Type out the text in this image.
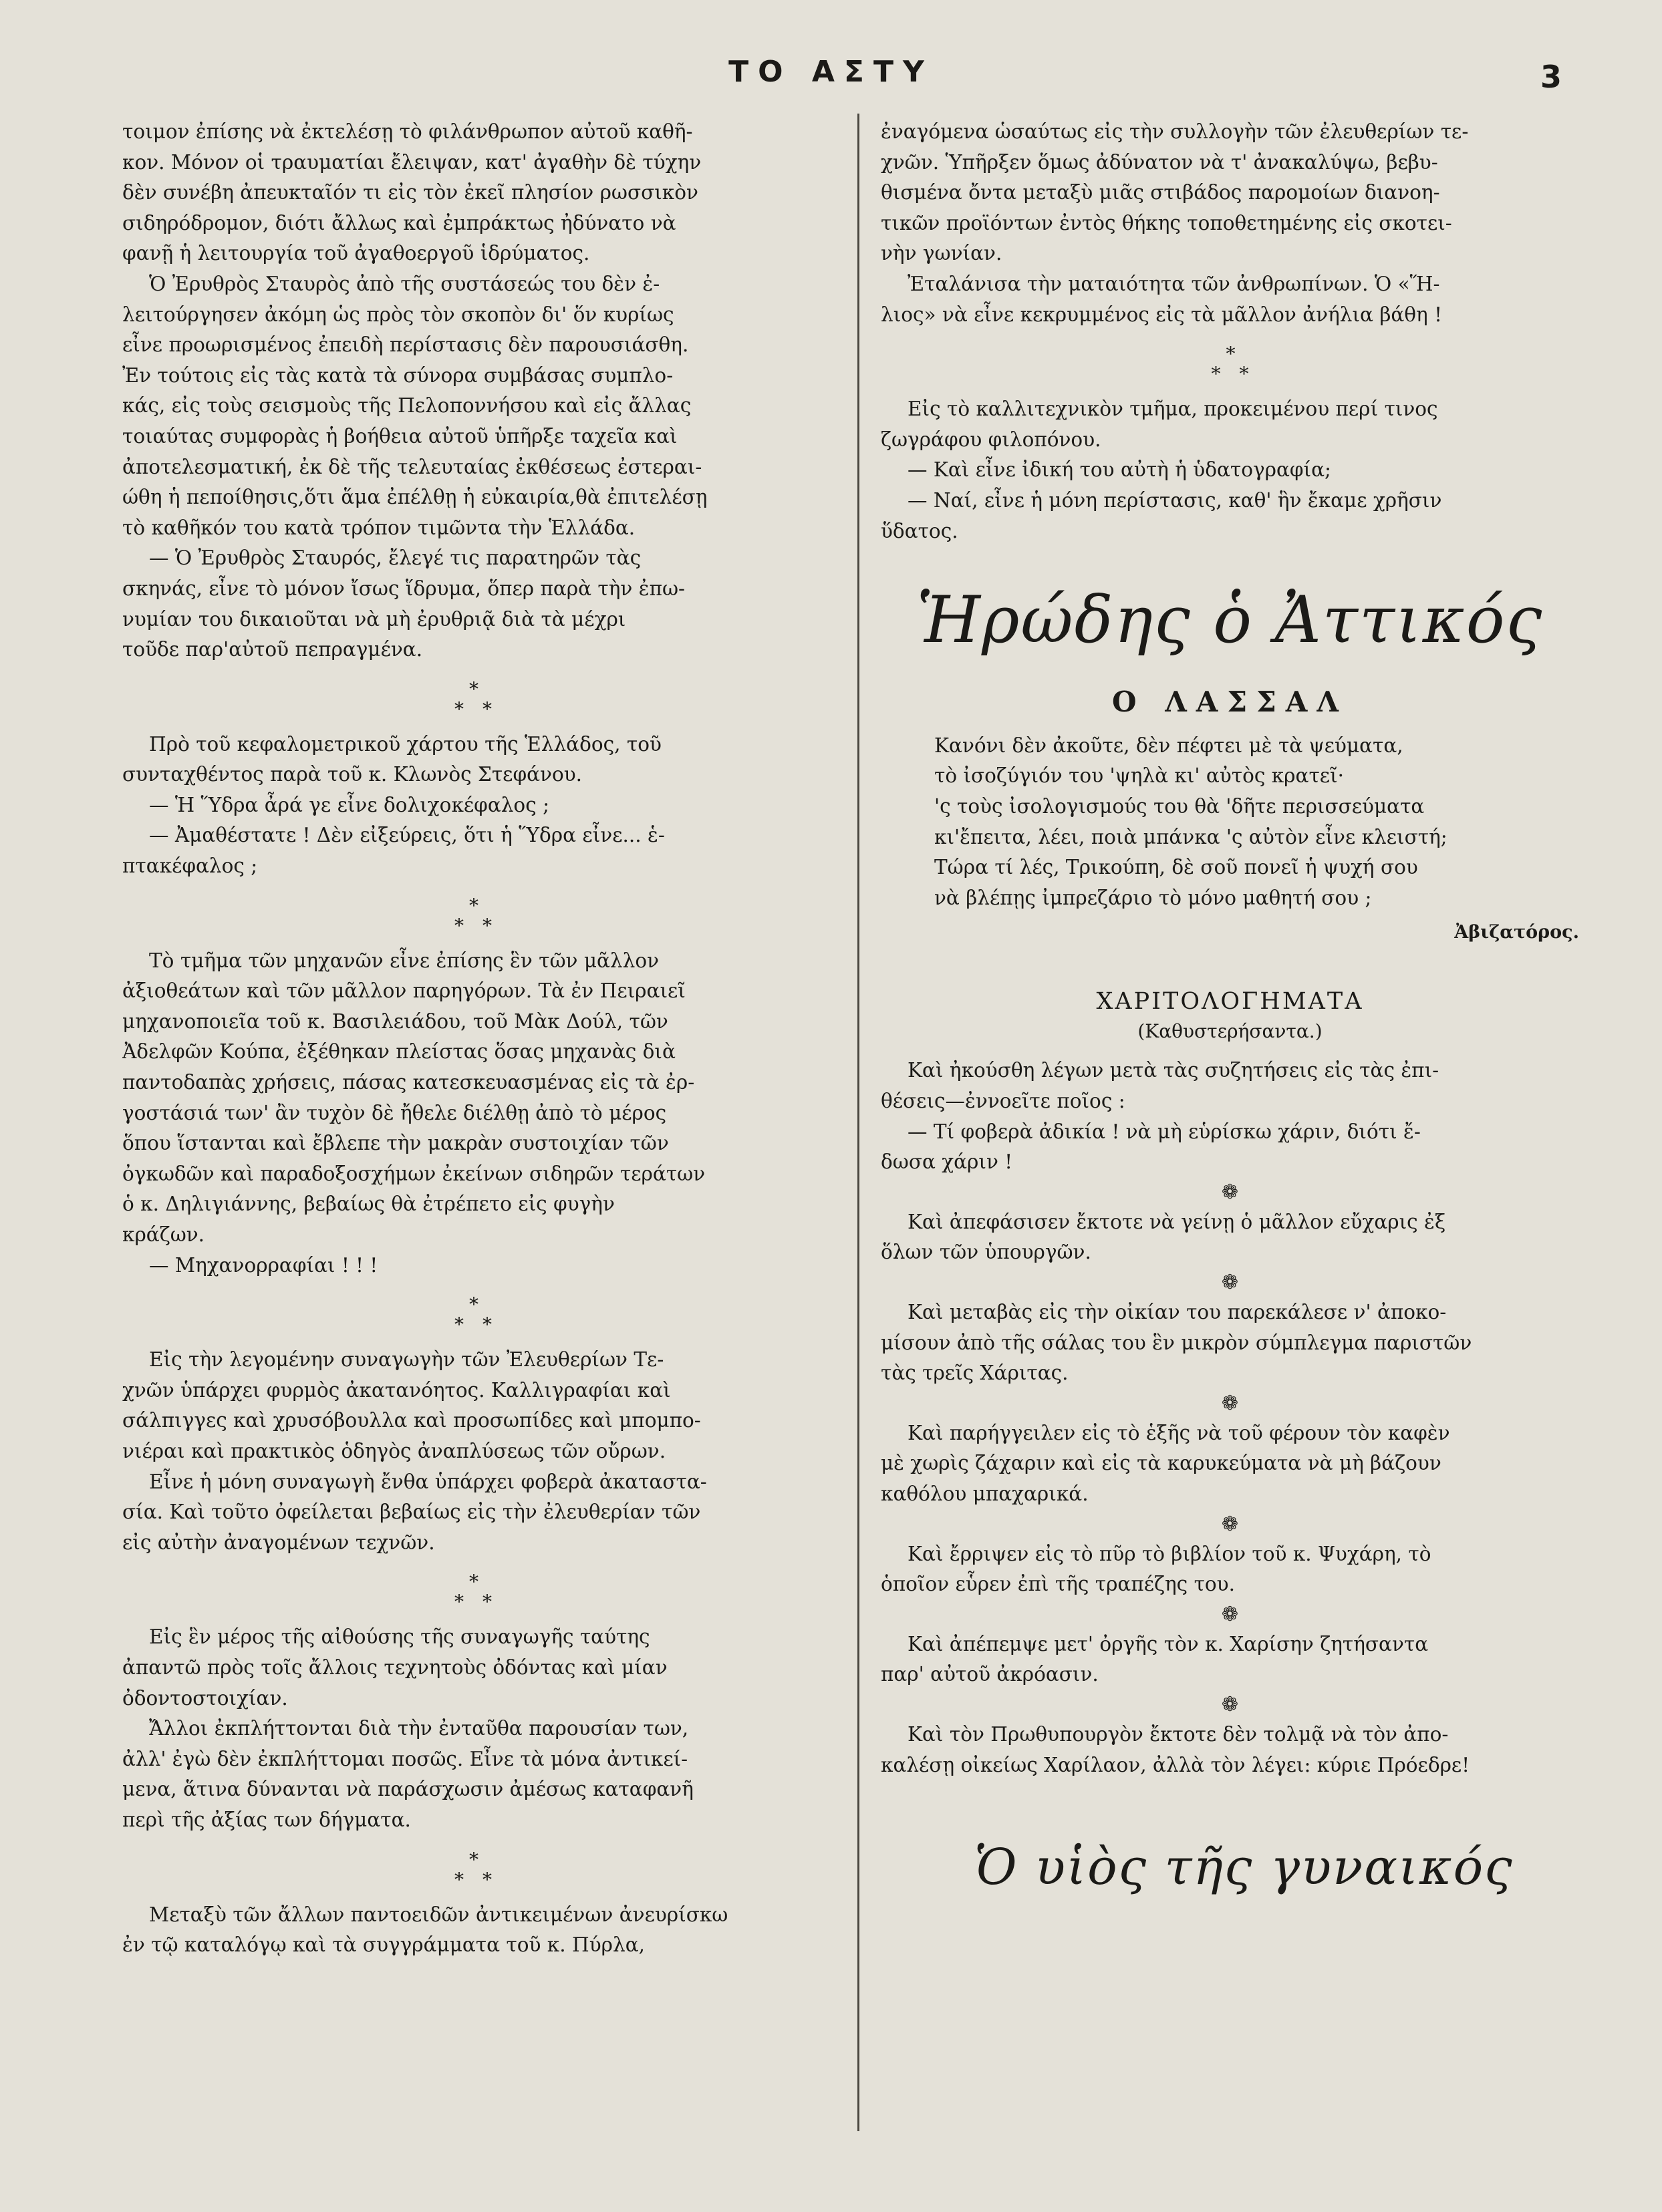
ΤΟ ΑΣΤΥ	3
τοιμον ἐπίσης νὰ ἐκτελέσῃ τὸ φιλάνθρωπον αὐτοῦ καθῆ-
κον. Μόνον οἱ τραυματίαι ἔλειψαν, κατ' ἀγαθὴν δὲ τύχην
δὲν συνέβη ἀπευκταῖόν τι εἰς τὸν ἐκεῖ πλησίον ρωσσικὸν
σιδηρόδρομον, διότι ἄλλως καὶ ἐμπράκτως ἠδύνατο νὰ
φανῇ ἡ λειτουργία τοῦ ἀγαθοεργοῦ ἱδρύματος.
Ὁ Ἐρυθρὸς Σταυρὸς ἀπὸ τῆς συστάσεώς του δὲν ἐ-
λειτούργησεν ἀκόμη ὡς πρὸς τὸν σκοπὸν δι' ὅν κυρίως
εἶνε προωρισμένος ἐπειδὴ περίστασις δὲν παρουσιάσθη.
Ἐν τούτοις εἰς τὰς κατὰ τὰ σύνορα συμβάσας συμπλο-
κάς, εἰς τοὺς σεισμοὺς τῆς Πελοποννήσου καὶ εἰς ἄλλας
τοιαύτας συμφορὰς ἡ βοήθεια αὐτοῦ ὑπῆρξε ταχεῖα καὶ
ἀποτελεσματική, ἐκ δὲ τῆς τελευταίας ἐκθέσεως ἐστεραι-
ώθη ἡ πεποίθησις,ὅτι ἅμα ἐπέλθῃ ἡ εὐκαιρία,θὰ ἐπιτελέσῃ
τὸ καθῆκόν του κατὰ τρόπον τιμῶντα τὴν Ἑλλάδα.
— Ὁ Ἐρυθρὸς Σταυρός, ἔλεγέ τις παρατηρῶν τὰς
σκηνάς, εἶνε τὸ μόνον ἴσως ἵδρυμα, ὅπερ παρὰ τὴν ἐπω-
νυμίαν του δικαιοῦται νὰ μὴ ἐρυθριᾷ διὰ τὰ μέχρι
τοῦδε παρ'αὐτοῦ πεπραγμένα.
*
* *
Πρὸ τοῦ κεφαλομετρικοῦ χάρτου τῆς Ἑλλάδος, τοῦ
συνταχθέντος παρὰ τοῦ κ. Κλωνὸς Στεφάνου.
— Ἡ Ὕδρα ἆρά γε εἶνε δολιχοκέφαλος ;
— Ἀμαθέστατε ! Δὲν εἰξεύρεις, ὅτι ἡ Ὕδρα εἶνε... ἑ-
πτακέφαλος ;
*
* *
Τὸ τμῆμα τῶν μηχανῶν εἶνε ἐπίσης ἓν τῶν μᾶλλον
ἀξιοθεάτων καὶ τῶν μᾶλλον παρηγόρων. Τὰ ἐν Πειραιεῖ
μηχανοποιεῖα τοῦ κ. Βασιλειάδου, τοῦ Μὰκ Δούλ, τῶν
Ἀδελφῶν Κούπα, ἐξέθηκαν πλείστας ὅσας μηχανὰς διὰ
παντοδαπὰς χρήσεις, πάσας κατεσκευασμένας εἰς τὰ ἐρ-
γοστάσιά των' ἂν τυχὸν δὲ ἤθελε διέλθῃ ἀπὸ τὸ μέρος
ὅπου ἵστανται καὶ ἔβλεπε τὴν μακρὰν συστοιχίαν τῶν
ὀγκωδῶν καὶ παραδοξοσχήμων ἐκείνων σιδηρῶν τεράτων
ὁ κ. Δηλιγιάννης, βεβαίως θὰ ἐτρέπετο εἰς φυγὴν
κράζων.
— Μηχανορραφίαι ! ! !
*
* *
Εἰς τὴν λεγομένην συναγωγὴν τῶν Ἐλευθερίων Τε-
χνῶν ὑπάρχει φυρμὸς ἀκατανόητος. Καλλιγραφίαι καὶ
σάλπιγγες καὶ χρυσόβουλλα καὶ προσωπίδες καὶ μπομπο-
νιέραι καὶ πρακτικὸς ὁδηγὸς ἀναπλύσεως τῶν οὔρων.
Εἶνε ἡ μόνη συναγωγὴ ἔνθα ὑπάρχει φοβερὰ ἀκαταστα-
σία. Καὶ τοῦτο ὀφείλεται βεβαίως εἰς τὴν ἐλευθερίαν τῶν
εἰς αὐτὴν ἀναγομένων τεχνῶν.
*
* *
Εἰς ἓν μέρος τῆς αἰθούσης τῆς συναγωγῆς ταύτης
ἀπαντῶ πρὸς τοῖς ἄλλοις τεχνητοὺς ὀδόντας καὶ μίαν
ὀδοντοστοιχίαν.
Ἄλλοι ἐκπλήττονται διὰ τὴν ἐνταῦθα παρουσίαν των,
ἀλλ' ἐγὼ δὲν ἐκπλήττομαι ποσῶς. Εἶνε τὰ μόνα ἀντικεί-
μενα, ἅτινα δύνανται νὰ παράσχωσιν ἀμέσως καταφανῆ
περὶ τῆς ἀξίας των δήγματα.
*
* *
Μεταξὺ τῶν ἄλλων παντοειδῶν ἀντικειμένων ἀνευρίσκω
ἐν τῷ καταλόγῳ καὶ τὰ συγγράμματα τοῦ κ. Πύρλα,
ἐναγόμενα ὡσαύτως εἰς τὴν συλλογὴν τῶν ἐλευθερίων τε-
χνῶν. Ὑπῆρξεν ὅμως ἀδύνατον νὰ τ' ἀνακαλύψω, βεβυ-
θισμένα ὄντα μεταξὺ μιᾶς στιβάδος παρομοίων διανοη-
τικῶν προϊόντων ἐντὸς θήκης τοποθετημένης εἰς σκοτει-
νὴν γωνίαν.
Ἐταλάνισα τὴν ματαιότητα τῶν ἀνθρωπίνων. Ὁ «Ἥ-
λιος» νὰ εἶνε κεκρυμμένος εἰς τὰ μᾶλλον ἀνήλια βάθη !
*
* *
Εἰς τὸ καλλιτεχνικὸν τμῆμα, προκειμένου περί τινος
ζωγράφου φιλοπόνου.
— Καὶ εἶνε ἰδική του αὐτὴ ἡ ὑδατογραφία;
— Ναί, εἶνε ἡ μόνη περίστασις, καθ' ἣν ἔκαμε χρῆσιν
ὕδατος.
Ἡρώδης ὁ Ἀττικός
Ο ΛΑΣΣΑΛ
Κανόνι δὲν ἀκοῦτε, δὲν πέφτει μὲ τὰ ψεύματα,
τὸ ἰσοζύγιόν του 'ψηλὰ κι' αὐτὸς κρατεῖ·
'ς τοὺς ἰσολογισμούς του θὰ 'δῆτε περισσεύματα
κι'ἔπειτα, λέει, ποιὰ μπάνκα 'ς αὐτὸν εἶνε κλειστή;
Τώρα τί λές, Τρικούπη, δὲ σοῦ πονεῖ ἡ ψυχή σου
νὰ βλέπῃς ἰμπρεζάριο τὸ μόνο μαθητή σου ;
Ἀβιζατόρος.
ΧΑΡΙΤΟΛΟΓΗΜΑΤΑ
(Καθυστερήσαντα.)
Καὶ ἠκούσθη λέγων μετὰ τὰς συζητήσεις εἰς τὰς ἐπι-
θέσεις—ἐννοεῖτε ποῖος :
— Τί φοβερὰ ἀδικία ! νὰ μὴ εὑρίσκω χάριν, διότι ἔ-
δωσα χάριν !
❁
Καὶ ἀπεφάσισεν ἔκτοτε νὰ γείνῃ ὁ μᾶλλον εὔχαρις ἐξ
ὅλων τῶν ὑπουργῶν.
❁
Καὶ μεταβὰς εἰς τὴν οἰκίαν του παρεκάλεσε ν' ἀποκο-
μίσουν ἀπὸ τῆς σάλας του ἓν μικρὸν σύμπλεγμα παριστῶν
τὰς τρεῖς Χάριτας.
❁
Καὶ παρήγγειλεν εἰς τὸ ἑξῆς νὰ τοῦ φέρουν τὸν καφὲν
μὲ χωρὶς ζάχαριν καὶ εἰς τὰ καρυκεύματα νὰ μὴ βάζουν
καθόλου μπαχαρικά.
❁
Καὶ ἔρριψεν εἰς τὸ πῦρ τὸ βιβλίον τοῦ κ. Ψυχάρη, τὸ
ὁποῖον εὗρεν ἐπὶ τῆς τραπέζης του.
❁
Καὶ ἀπέπεμψε μετ' ὀργῆς τὸν κ. Χαρίσην ζητήσαντα
παρ' αὐτοῦ ἀκρόασιν.
❁
Καὶ τὸν Πρωθυπουργὸν ἔκτοτε δὲν τολμᾷ νὰ τὸν ἀπο-
καλέσῃ οἰκείως Χαρίλαον, ἀλλὰ τὸν λέγει: κύριε Πρόεδρε!
Ὁ υἱὸς τῆς γυναικός
